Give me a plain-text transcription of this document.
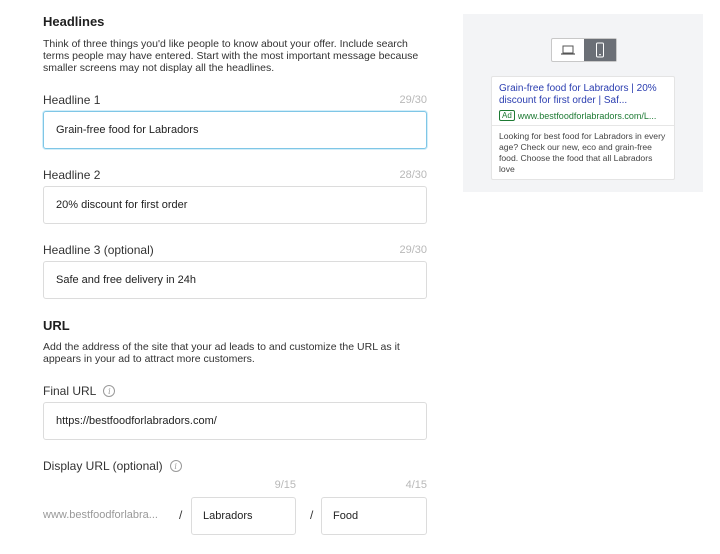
Headlines
Think of three things you'd like people to know about your offer. Include search terms people may have entered. Start with the most important message because smaller screens may not display all the headlines.
Headline 1	29/30
Grain-free food for Labradors
Headline 2	28/30
20% discount for first order
Headline 3 (optional)	29/30
Safe and free delivery in 24h
URL
Add the address of the site that your ad leads to and customize the URL as it appears in your ad to attract more customers.
Final URL	i
https://bestfoodforlabradors.com/
Display URL (optional)	i
9/15	4/15
www.bestfoodforlabra...	/ Labradors	/ Food
Grain-free food for Labradors | 20% discount for first order | Saf...
Ad www.bestfoodforlabradors.com/L...
Looking for best food for Labradors in every age? Check our new, eco and grain-free food. Choose the food that all Labradors love
